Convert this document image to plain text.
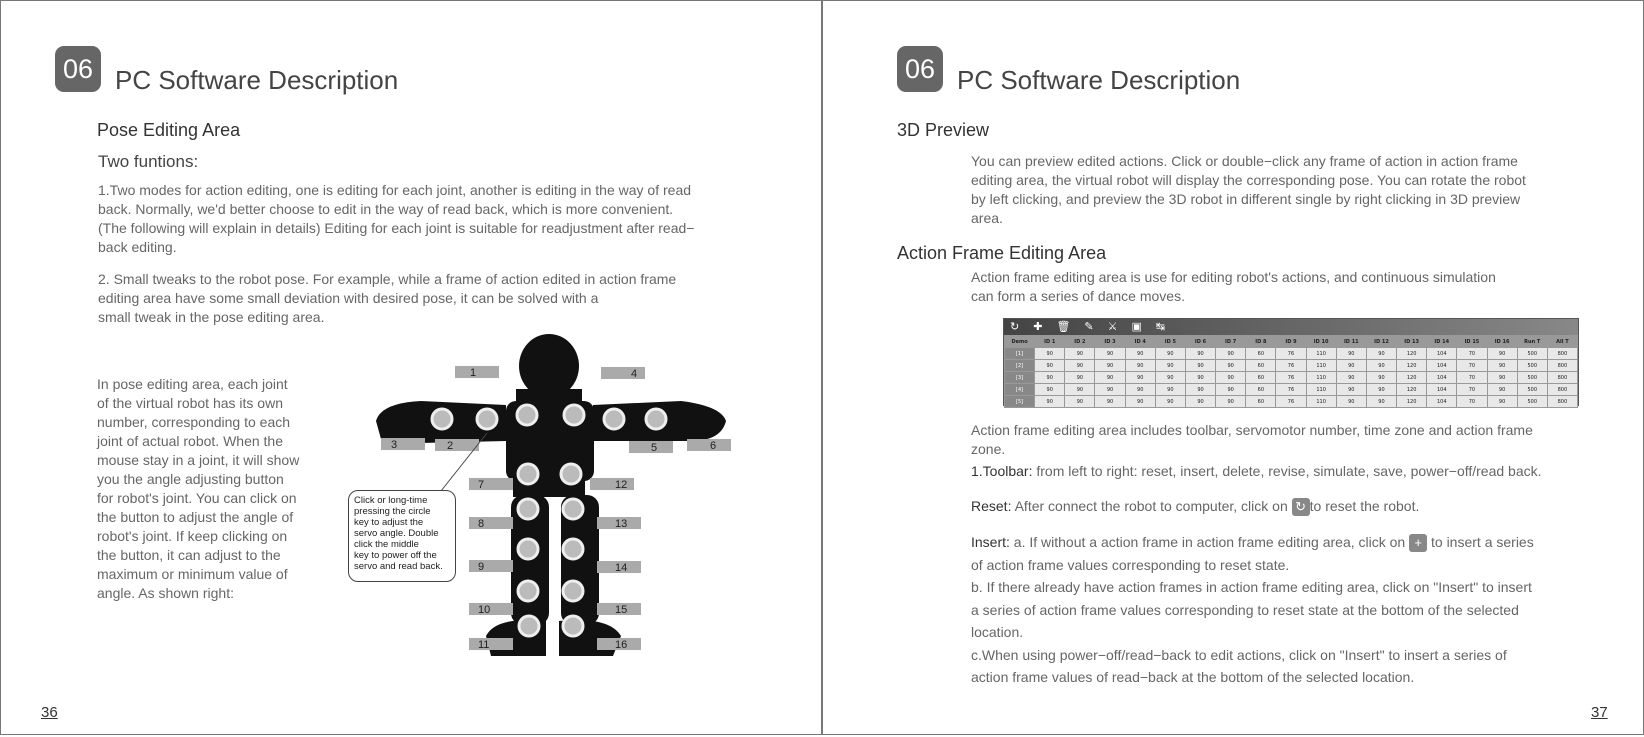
06 PC Software Description
Pose Editing Area
Two funtions:
1.Two modes for action editing, one is editing for each joint, another is editing in the way of read
back. Normally, we'd better choose to edit in the way of read back, which is more convenient.
(The following will explain in details) Editing for each joint is suitable for readjustment after read−
back editing.
2. Small tweaks to the robot pose. For example, while a frame of action edited in action frame
editing area have some small deviation with desired pose, it can be solved with a
small tweak in the pose editing area.
In pose editing area, each joint
of the virtual robot has its own
number, corresponding to each
joint of actual robot. When the
mouse stay in a joint, it will show
you the angle adjusting button
for robot's joint. You can click on
the button to adjust the angle of
robot's joint. If keep clicking on
the button, it can adjust to the
maximum or minimum value of
angle. As shown right:
1
2
3
4
5	6
7
8
9
10
11
12
13
14
15
16
Click or long-time
pressing the circle
key to adjust the
servo angle. Double
click the middle
key to power off the
servo and read back.
36
06 PC Software Description
3D Preview
You can preview edited actions. Click or double−click any frame of action in action frame
editing area, the virtual robot will display the corresponding pose. You can rotate the robot
by left clicking, and preview the 3D robot in different single by right clicking in 3D preview
area.
Action Frame Editing Area
Action frame editing area is use for editing robot's actions, and continuous simulation
can form a series of dance moves.
Action frame editing area includes toolbar, servomotor number, time zone and action frame
zone.
1.Toolbar: from left to right: reset, insert, delete, revise, simulate, save, power−off/read back.
Reset: After connect the robot to computer, click on ↻ to reset the robot.
Insert: a. If without a action frame in action frame editing area, click on + to insert a series
of action frame values corresponding to reset state.
b. If there already have action frames in action frame editing area, click on "Insert" to insert
a series of action frame values corresponding to reset state at the bottom of the selected
location.
c.When using power−off/read−back to edit actions, click on "Insert" to insert a series of
action frame values of read−back at the bottom of the selected location.
37
↻ ✚ 🗑 ✎ ⚔ ▣ ↹
Demo	ID 1	ID 2	ID 3	ID 4	ID 5	ID 6	ID 7	ID 8	ID 9	ID 10	ID 11	ID 12	ID 13	ID 14	ID 15	ID 16	Run T	All T
[1]	90	90	90	90	90	90	90	60	76	110	90	90	120	104	70	90	500	800
[2]	90	90	90	90	90	90	90	60	76	110	90	90	120	104	70	90	500	800
[3]	90	90	90	90	90	90	90	60	76	110	90	90	120	104	70	90	500	800
[4]	90	90	90	90	90	90	90	60	76	110	90	90	120	104	70	90	500	800
[5]	90	90	90	90	90	90	90	60	76	110	90	90	120	104	70	90	500	800
